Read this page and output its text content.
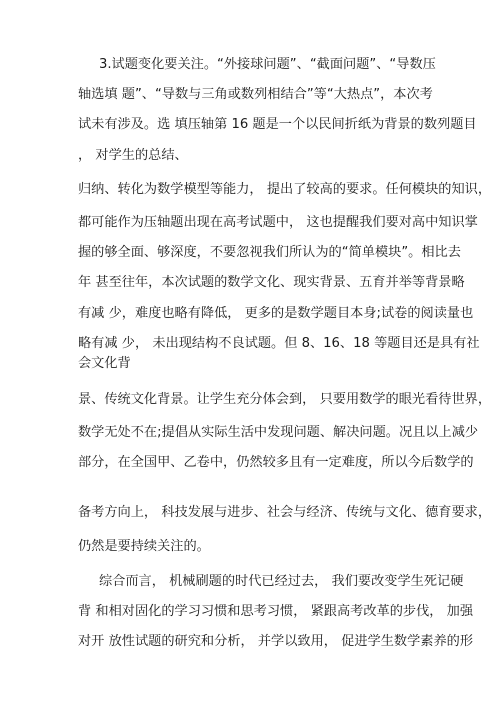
3.试题变化要关注。“外接球问题”、“截面问题”、“导数压
轴选填 题”、“导数与三角或数列相结合”等“大热点”，本次考
试未有涉及。选 填压轴第 16 题是一个以民间折纸为背景的数列题目
， 对学生的总结、
归纳、转化为数学模型等能力， 提出了较高的要求。任何模块的知识，
都可能作为压轴题出现在高考试题中， 这也提醒我们要对高中知识掌
握的够全面、够深度，不要忽视我们所认为的“简单模块”。相比去
年 甚至往年，本次试题的数学文化、现实背景、五育并举等背景略
有减 少，难度也略有降低， 更多的是数学题目本身;试卷的阅读量也
略有减 少， 未出现结构不良试题。但 8、16、18 等题目还是具有社
会文化背
景、传统文化背景。让学生充分体会到， 只要用数学的眼光看待世界，
数学无处不在;提倡从实际生活中发现问题、解决问题。况且以上减少
部分，在全国甲、乙卷中，仍然较多且有一定难度，所以今后数学的
备考方向上， 科技发展与进步、社会与经济、传统与文化、德育要求，
仍然是要持续关注的。
综合而言， 机械刷题的时代已经过去， 我们要改变学生死记硬
背 和相对固化的学习习惯和思考习惯， 紧跟高考改革的步伐， 加强
对开 放性试题的研究和分析， 并学以致用， 促进学生数学素养的形
